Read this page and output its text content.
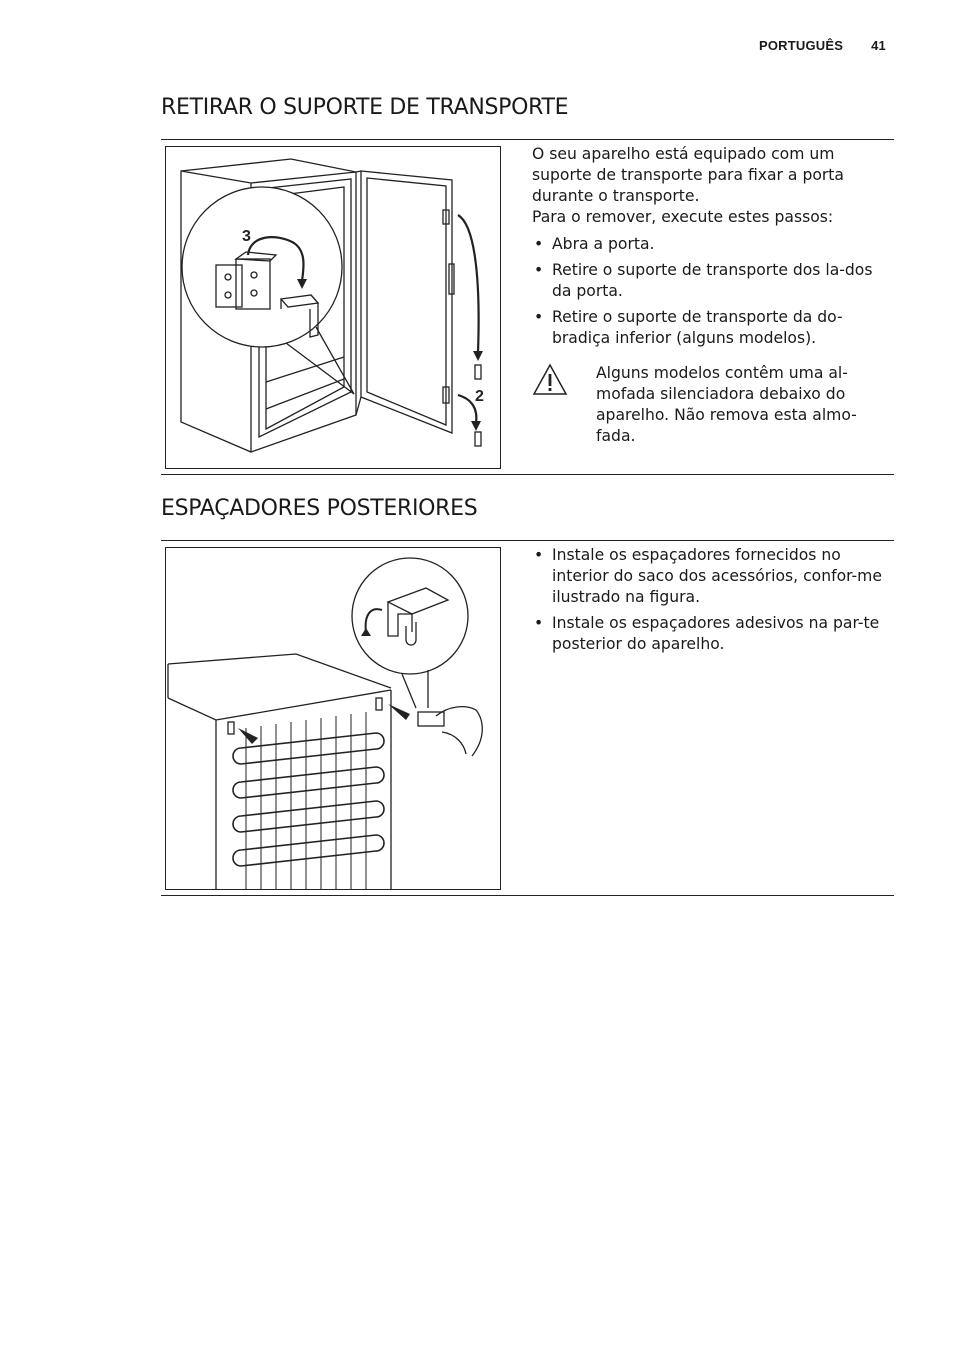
PORTUGUÊS 41
RETIRAR O SUPORTE DE TRANSPORTE
3
2

O seu aparelho está equipado com um suporte de transporte para fixar a porta durante o transporte.

Para o remover, execute estes passos:

• Abra a porta.
• Retire o suporte de transporte dos la-dos da porta.
• Retire o suporte de transporte da do-bradiça inferior (alguns modelos).

Alguns modelos contêm uma al-mofada silenciadora debaixo do aparelho. Não remova esta almo-fada.

ESPAÇADORES POSTERIORES
• Instale os espaçadores fornecidos no interior do saco dos acessórios, confor-me ilustrado na figura.
• Instale os espaçadores adesivos na par-te posterior do aparelho.
